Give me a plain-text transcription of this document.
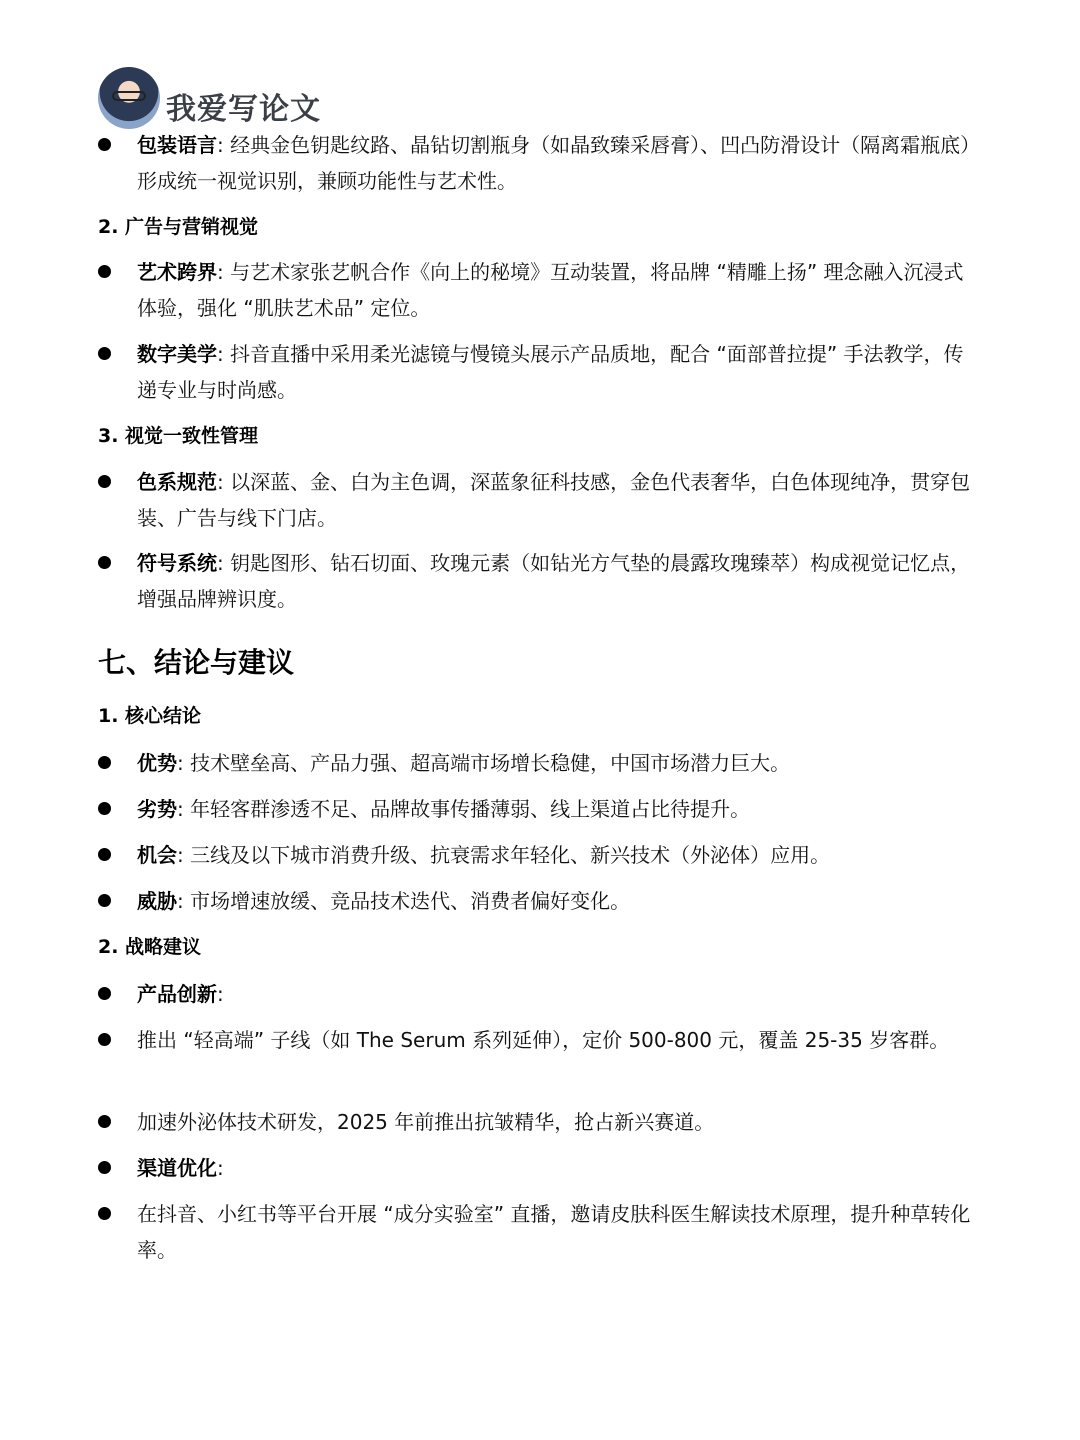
我爱写论文
包装语言: 经典金色钥匙纹路、晶钻切割瓶身（如晶致臻采唇膏）、凹凸防滑设计（隔离霜瓶底）形成统一视觉识别，兼顾功能性与艺术性。
2. 广告与营销视觉
艺术跨界: 与艺术家张艺帆合作《向上的秘境》互动装置，将品牌 “精雕上扬” 理念融入沉浸式体验，强化 “肌肤艺术品” 定位。
数字美学: 抖音直播中采用柔光滤镜与慢镜头展示产品质地，配合 “面部普拉提” 手法教学，传递专业与时尚感。
3. 视觉一致性管理
色系规范: 以深蓝、金、白为主色调，深蓝象征科技感，金色代表奢华，白色体现纯净，贯穿包装、广告与线下门店。
符号系统: 钥匙图形、钻石切面、玫瑰元素（如钻光方气垫的晨露玫瑰臻萃）构成视觉记忆点，增强品牌辨识度。
七、结论与建议
1. 核心结论
优势: 技术壁垒高、产品力强、超高端市场增长稳健，中国市场潜力巨大。
劣势: 年轻客群渗透不足、品牌故事传播薄弱、线上渠道占比待提升。
机会: 三线及以下城市消费升级、抗衰需求年轻化、新兴技术（外泌体）应用。
威胁: 市场增速放缓、竞品技术迭代、消费者偏好变化。
2. 战略建议
产品创新:
推出 “轻高端” 子线（如 The Serum 系列延伸），定价 500-800 元，覆盖 25-35 岁客群。
加速外泌体技术研发，2025 年前推出抗皱精华，抢占新兴赛道。
渠道优化:
在抖音、小红书等平台开展 “成分实验室” 直播，邀请皮肤科医生解读技术原理，提升种草转化率。
